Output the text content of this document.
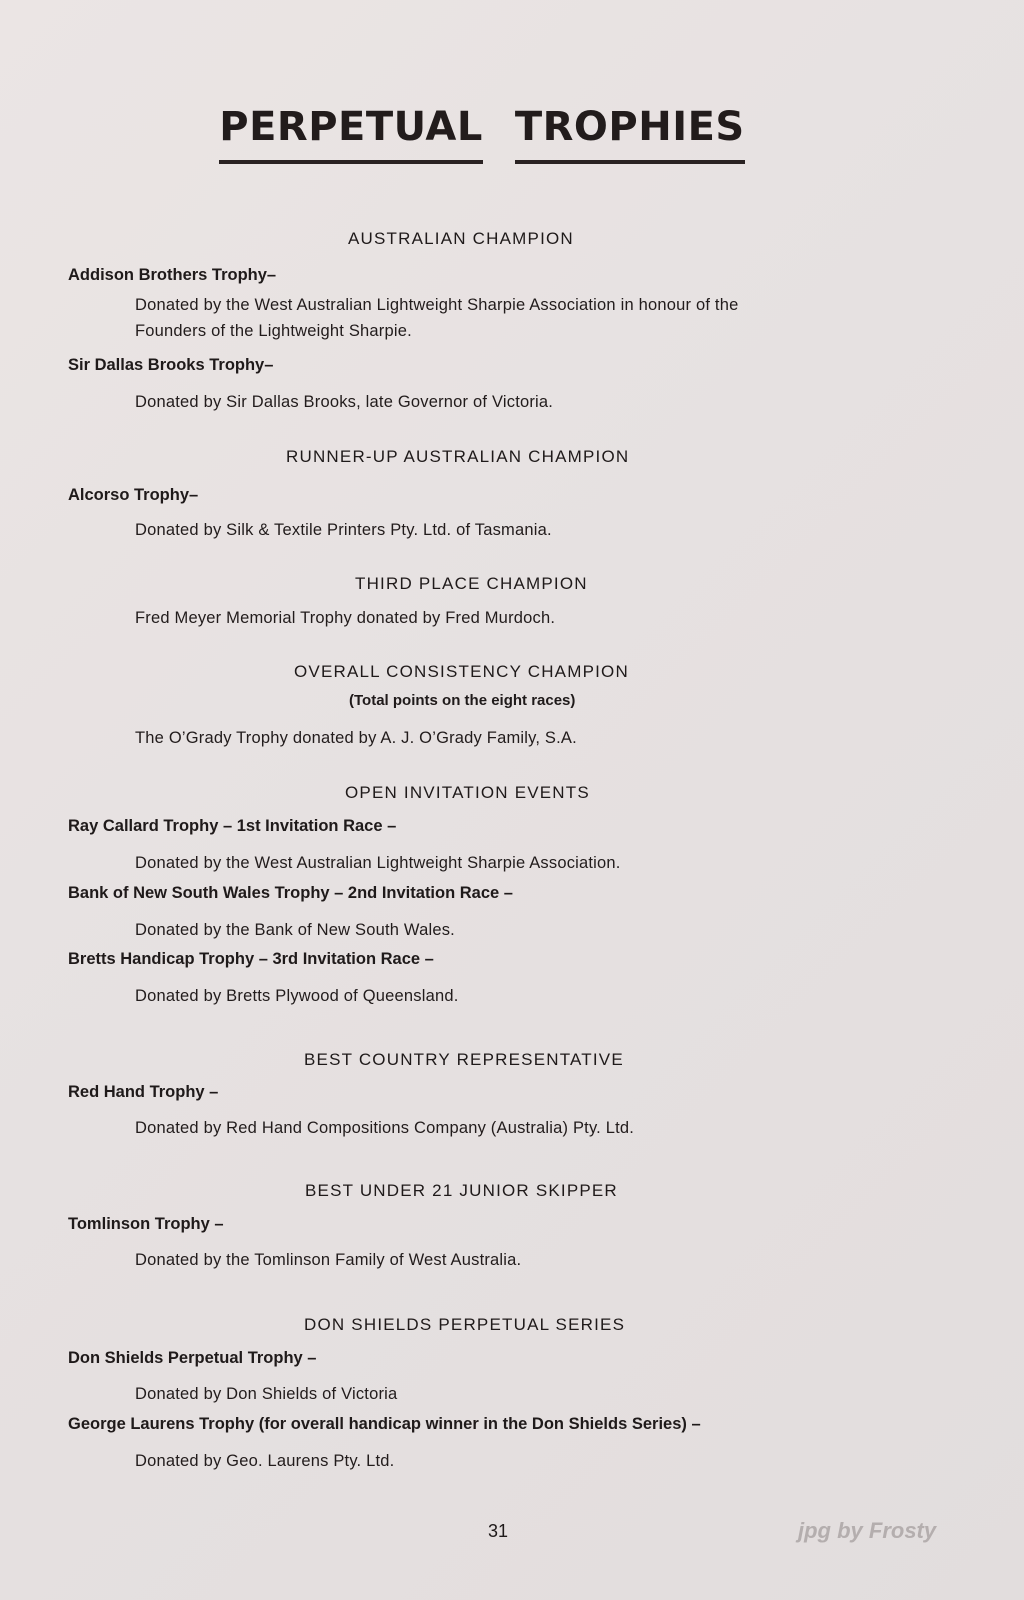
PERPETUAL TROPHIES
AUSTRALIAN CHAMPION
Addison Brothers Trophy–
Donated by the West Australian Lightweight Sharpie Association in honour of the
Founders of the Lightweight Sharpie.
Sir Dallas Brooks Trophy–
Donated by Sir Dallas Brooks, late Governor of Victoria.
RUNNER-UP AUSTRALIAN CHAMPION
Alcorso Trophy–
Donated by Silk & Textile Printers Pty. Ltd. of Tasmania.
THIRD PLACE CHAMPION
Fred Meyer Memorial Trophy donated by Fred Murdoch.
OVERALL CONSISTENCY CHAMPION
(Total points on the eight races)
The O’Grady Trophy donated by A. J. O’Grady Family, S.A.
OPEN INVITATION EVENTS
Ray Callard Trophy – 1st Invitation Race –
Donated by the West Australian Lightweight Sharpie Association.
Bank of New South Wales Trophy – 2nd Invitation Race –
Donated by the Bank of New South Wales.
Bretts Handicap Trophy – 3rd Invitation Race –
Donated by Bretts Plywood of Queensland.
BEST COUNTRY REPRESENTATIVE
Red Hand Trophy –
Donated by Red Hand Compositions Company (Australia) Pty. Ltd.
BEST UNDER 21 JUNIOR SKIPPER
Tomlinson Trophy –
Donated by the Tomlinson Family of West Australia.
DON SHIELDS PERPETUAL SERIES
Don Shields Perpetual Trophy –
Donated by Don Shields of Victoria
George Laurens Trophy (for overall handicap winner in the Don Shields Series) –
Donated by Geo. Laurens Pty. Ltd.
31	jpg by Frosty
